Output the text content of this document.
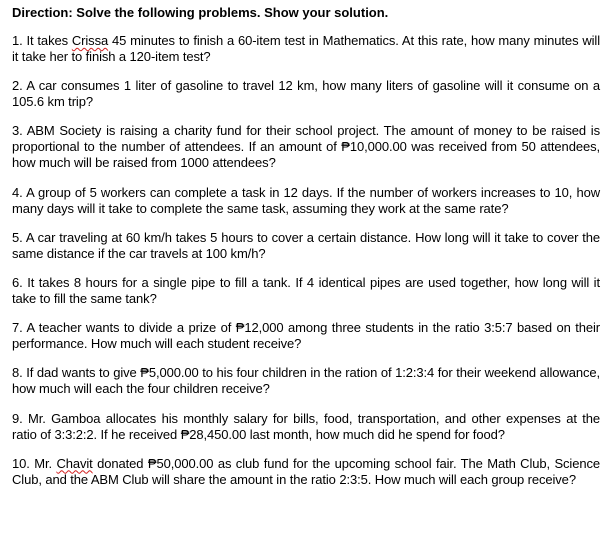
Direction: Solve the following problems. Show your solution.

1. It takes Crissa 45 minutes to finish a 60-item test in Mathematics. At this rate, how many minutes will it take her to finish a 120-item test?

2. A car consumes 1 liter of gasoline to travel 12 km, how many liters of gasoline will it consume on a 105.6 km trip?

3. ABM Society is raising a charity fund for their school project. The amount of money to be raised is proportional to the number of attendees. If an amount of ₱10,000.00 was received from 50 attendees, how much will be raised from 1000 attendees?

4. A group of 5 workers can complete a task in 12 days. If the number of workers increases to 10, how many days will it take to complete the same task, assuming they work at the same rate?

5. A car traveling at 60 km/h takes 5 hours to cover a certain distance. How long will it take to cover the same distance if the car travels at 100 km/h?

6. It takes 8 hours for a single pipe to fill a tank. If 4 identical pipes are used together, how long will it take to fill the same tank?

7. A teacher wants to divide a prize of ₱12,000 among three students in the ratio 3:5:7 based on their performance. How much will each student receive?

8. If dad wants to give ₱5,000.00 to his four children in the ration of 1:2:3:4 for their weekend allowance, how much will each the four children receive?

9. Mr. Gamboa allocates his monthly salary for bills, food, transportation, and other expenses at the ratio of 3:3:2:2. If he received ₱28,450.00 last month, how much did he spend for food?

10. Mr. Chavit donated ₱50,000.00 as club fund for the upcoming school fair. The Math Club, Science Club, and the ABM Club will share the amount in the ratio 2:3:5. How much will each group receive?
